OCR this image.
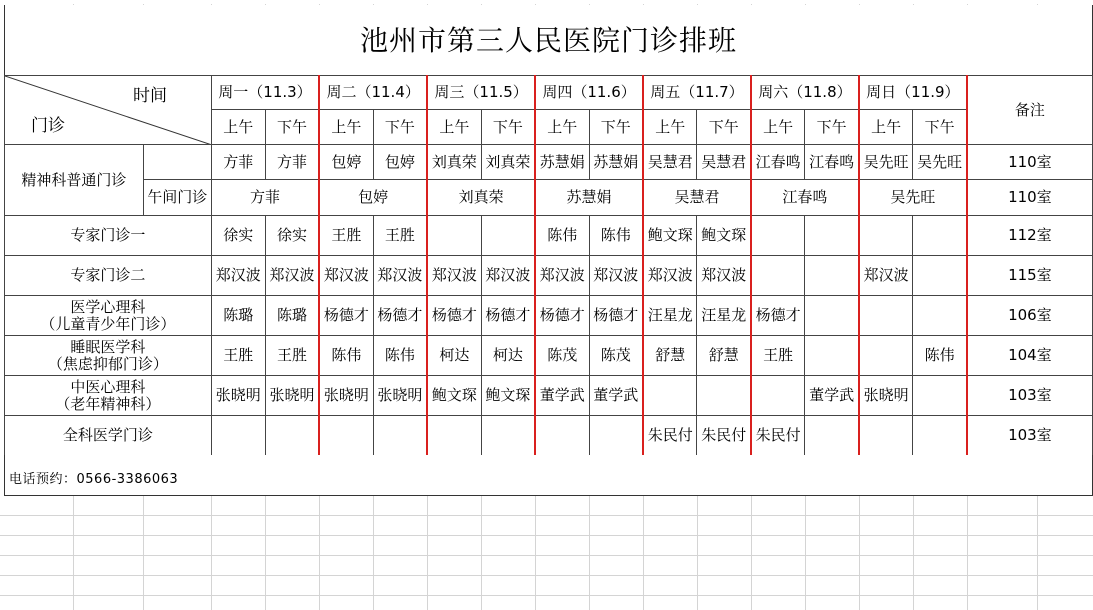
池州市第三人民医院门诊排班
时间
门诊		周一（11.3）		周二（11.4）		周三（11.5）		周四（11.6）		周五（11.7）		周六（11.8）		周日（11.9）		备注
		上午	下午	上午	下午	上午	下午	上午	下午	上午	下午	上午	下午	上午	下午	
精神科普通门诊		方菲	方菲	包婷	包婷	刘真荣	刘真荣	苏慧娟	苏慧娟	吴慧君	吴慧君	江春鸣	江春鸣	吴先旺	吴先旺	110室
	午间门诊	方菲		包婷		刘真荣		苏慧娟		吴慧君		江春鸣		吴先旺		110室
专家门诊一		徐实	徐实	王胜	王胜			陈伟	陈伟	鲍文琛	鲍文琛					112室
专家门诊二		郑汉波	郑汉波	郑汉波	郑汉波	郑汉波	郑汉波	郑汉波	郑汉波	郑汉波	郑汉波			郑汉波		115室
医学心理科
（儿童青少年门诊）		陈璐	陈璐	杨德才	杨德才	杨德才	杨德才	杨德才	杨德才	汪星龙	汪星龙	杨德才				106室
睡眠医学科
（焦虑抑郁门诊）		王胜	王胜	陈伟	陈伟	柯达	柯达	陈茂	陈茂	舒慧	舒慧	王胜			陈伟	104室
中医心理科
（老年精神科）		张晓明	张晓明	张晓明	张晓明	鲍文琛	鲍文琛	董学武	董学武				董学武	张晓明		103室
全科医学门诊										朱民付	朱民付	朱民付				103室
电话预约：0566-3386063
